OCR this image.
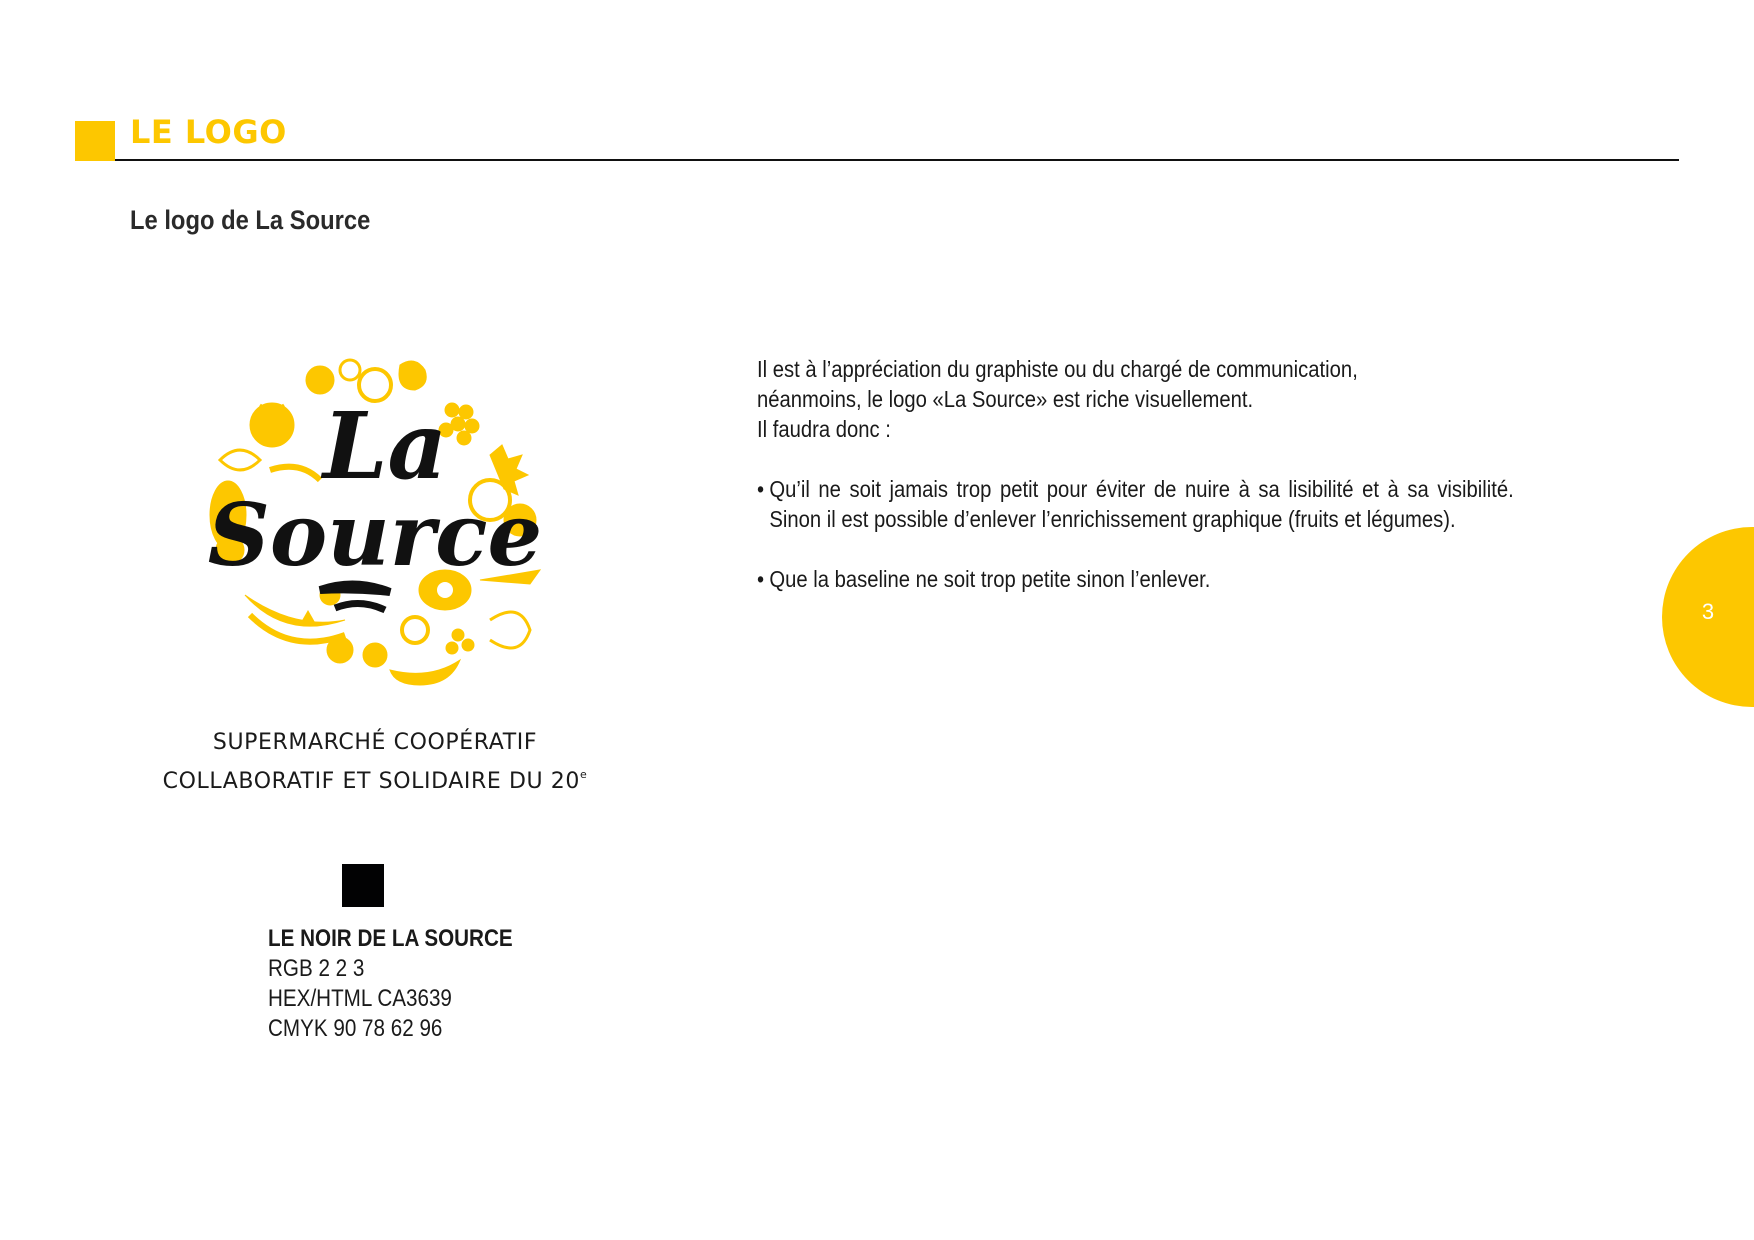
LE LOGO
Le logo de La Source
La
Source
SUPERMARCHÉ COOPÉRATIF
COLLABORATIF ET SOLIDAIRE DU 20e
LE NOIR DE LA SOURCE
RGB 2 2 3
HEX/HTML CA3639
CMYK 90 78 62 96

Il est à l’appréciation du graphiste ou du chargé de communication,

néanmoins, le logo «La Source» est riche visuellement.

Il faudra donc :

• Qu’il ne soit jamais trop petit pour éviter de nuire à sa lisibilité et à sa visibilité. Sinon il est possible d’enlever l’enrichissement graphique (fruits et légumes).
• Que la baseline ne soit trop petite sinon l’enlever.
3
